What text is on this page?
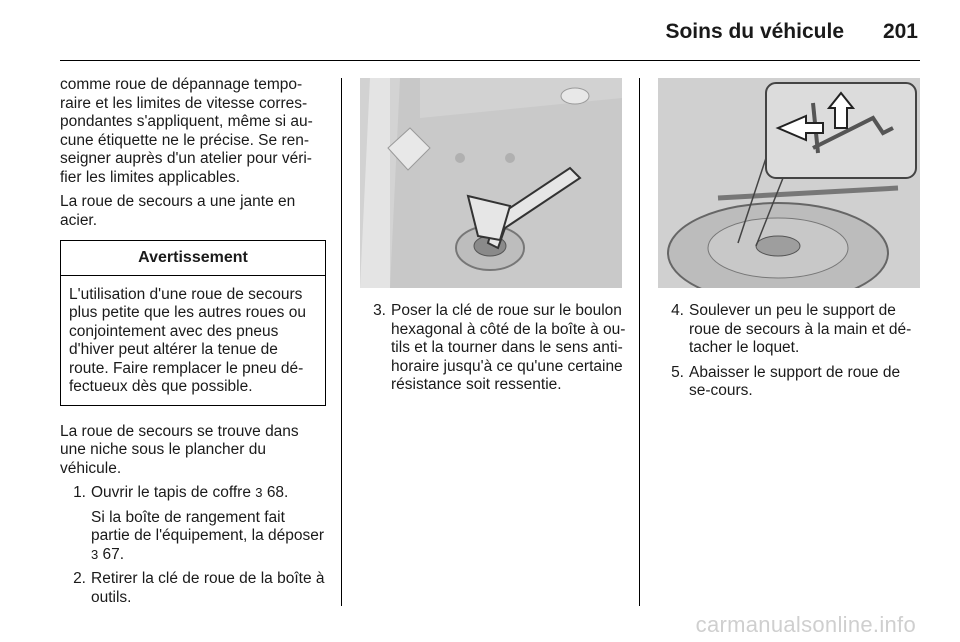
Soins du véhicule 201

comme roue de dépannage tempo-raire et les limites de vitesse corres-pondantes s'appliquent, même si au-cune étiquette ne le précise. Se ren-seigner auprès d'un atelier pour véri-fier les limites applicables.

La roue de secours a une jante en acier.

Avertissement
L'utilisation d'une roue de secours plus petite que les autres roues ou conjointement avec des pneus d'hiver peut altérer la tenue de route. Faire remplacer le pneu dé-fectueux dès que possible.

La roue de secours se trouve dans une niche sous le plancher du véhicule.

1. Ouvrir le tapis de coffre 3 68.
Si la boîte de rangement fait partie de l'équipement, la déposer 3 67.
2. Retirer la clé de roue de la boîte à outils.
3. Poser la clé de roue sur le boulon hexagonal à côté de la boîte à ou-tils et la tourner dans le sens anti-horaire jusqu'à ce qu'une certaine résistance soit ressentie.
4. Soulever un peu le support de roue de secours à la main et dé-tacher le loquet.
5. Abaisser le support de roue de se-cours.
carmanualsonline.info
